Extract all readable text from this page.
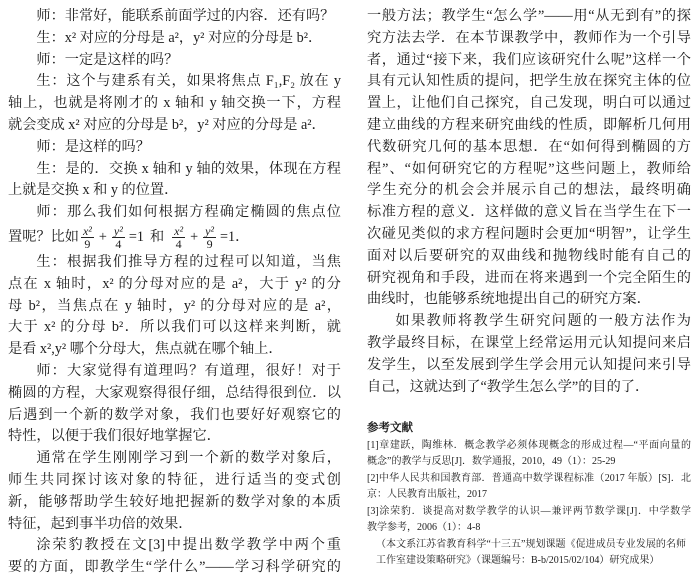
师：非常好，能联系前面学过的内容．还有吗？
生：x² 对应的分母是 a²，y² 对应的分母是 b²．
师：一定是这样的吗？
生：这个与建系有关，如果将焦点 F₁,F₂ 放在 y
轴上，也就是将刚才的 x 轴和 y 轴交换一下，方程
就会变成 x² 对应的分母是 b²，y² 对应的分母是 a²．
师：是这样的吗？
生：是的．交换 x 轴和 y 轴的效果，体现在方程
上就是交换 x 和 y 的位置．
师：那么我们如何根据方程确定椭圆的焦点位
置呢？比如 $\frac{\text{x²}}{9} + \frac{\text{y²}}{4} =1$ 和 $\frac{\text{x²}}{4} + \frac{\text{y²}}{9} =1$ ．
生：根据我们推导方程的过程可以知道，当焦
点在 x 轴时，x² 的分母对应的是 a²，大于 y² 的分
母 b²，当焦点在 y 轴时，y² 的分母对应的是 a²，
大于 x² 的分母 b²．所以我们可以这样来判断，就
是看 x²,y² 哪个分母大，焦点就在哪个轴上．
师：大家觉得有道理吗？有道理，很好！对于
椭圆的方程，大家观察得很仔细，总结得很到位．以
后遇到一个新的数学对象，我们也要好好观察它的
特性，以便于我们很好地掌握它．
通常在学生刚刚学习到一个新的数学对象后，
师生共同探讨该对象的特征，进行适当的变式创
新，能够帮助学生较好地把握新的数学对象的本质
特征，起到事半功倍的效果．
涂荣豹教授在文[3]中提出数学教学中两个重
要的方面，即教学生“学什么”——学习科学研究的
一般方法；教学生“怎么学”——用“从无到有”的探
究方法去学．在本节课教学中，教师作为一个引导
者，通过“接下来，我们应该研究什么呢”这样一个
具有元认知性质的提问，把学生放在探究主体的位
置上，让他们自己探究，自己发现，明白可以通过
建立曲线的方程来研究曲线的性质，即解析几何用
代数研究几何的基本思想．在“如何得到椭圆的方
程”、“如何研究它的方程呢”这些问题上，教师给
学生充分的机会会并展示自己的想法，最终明确
标准方程的意义．这样做的意义旨在当学生在下一
次碰见类似的求方程问题时会更加“明智”，让学生
面对以后要研究的双曲线和抛物线时能有自己的
研究视角和手段，进而在将来遇到一个完全陌生的
曲线时，也能够系统地提出自己的研究方案．
如果教师将教学生研究问题的一般方法作为
教学最终目标，在课堂上经常运用元认知提问来启
发学生，以至发展到学生学会用元认知提问来引导
自己，这就达到了“教学生怎么学”的目的了．
参考文献
[1]章建跃，陶维林．概念教学必须体现概念的形成过程—“平面向量的
概念”的教学与反思[J]．数学通报，2010，49（1）：25-29
[2]中华人民共和国教育部．普通高中数学课程标准（2017 年版）[S]．北
京：人民教育出版社，2017
[3]涂荣豹．谈提高对数学教学的认识—兼评两节数学课[J]．中学数学
教学参考，2006（1）：4-8
（本文系江苏省教育科学“十三五”规划课题《促进成员专业发展的名师
工作室建设策略研究》（课题编号：B-b/2015/02/104）研究成果）
